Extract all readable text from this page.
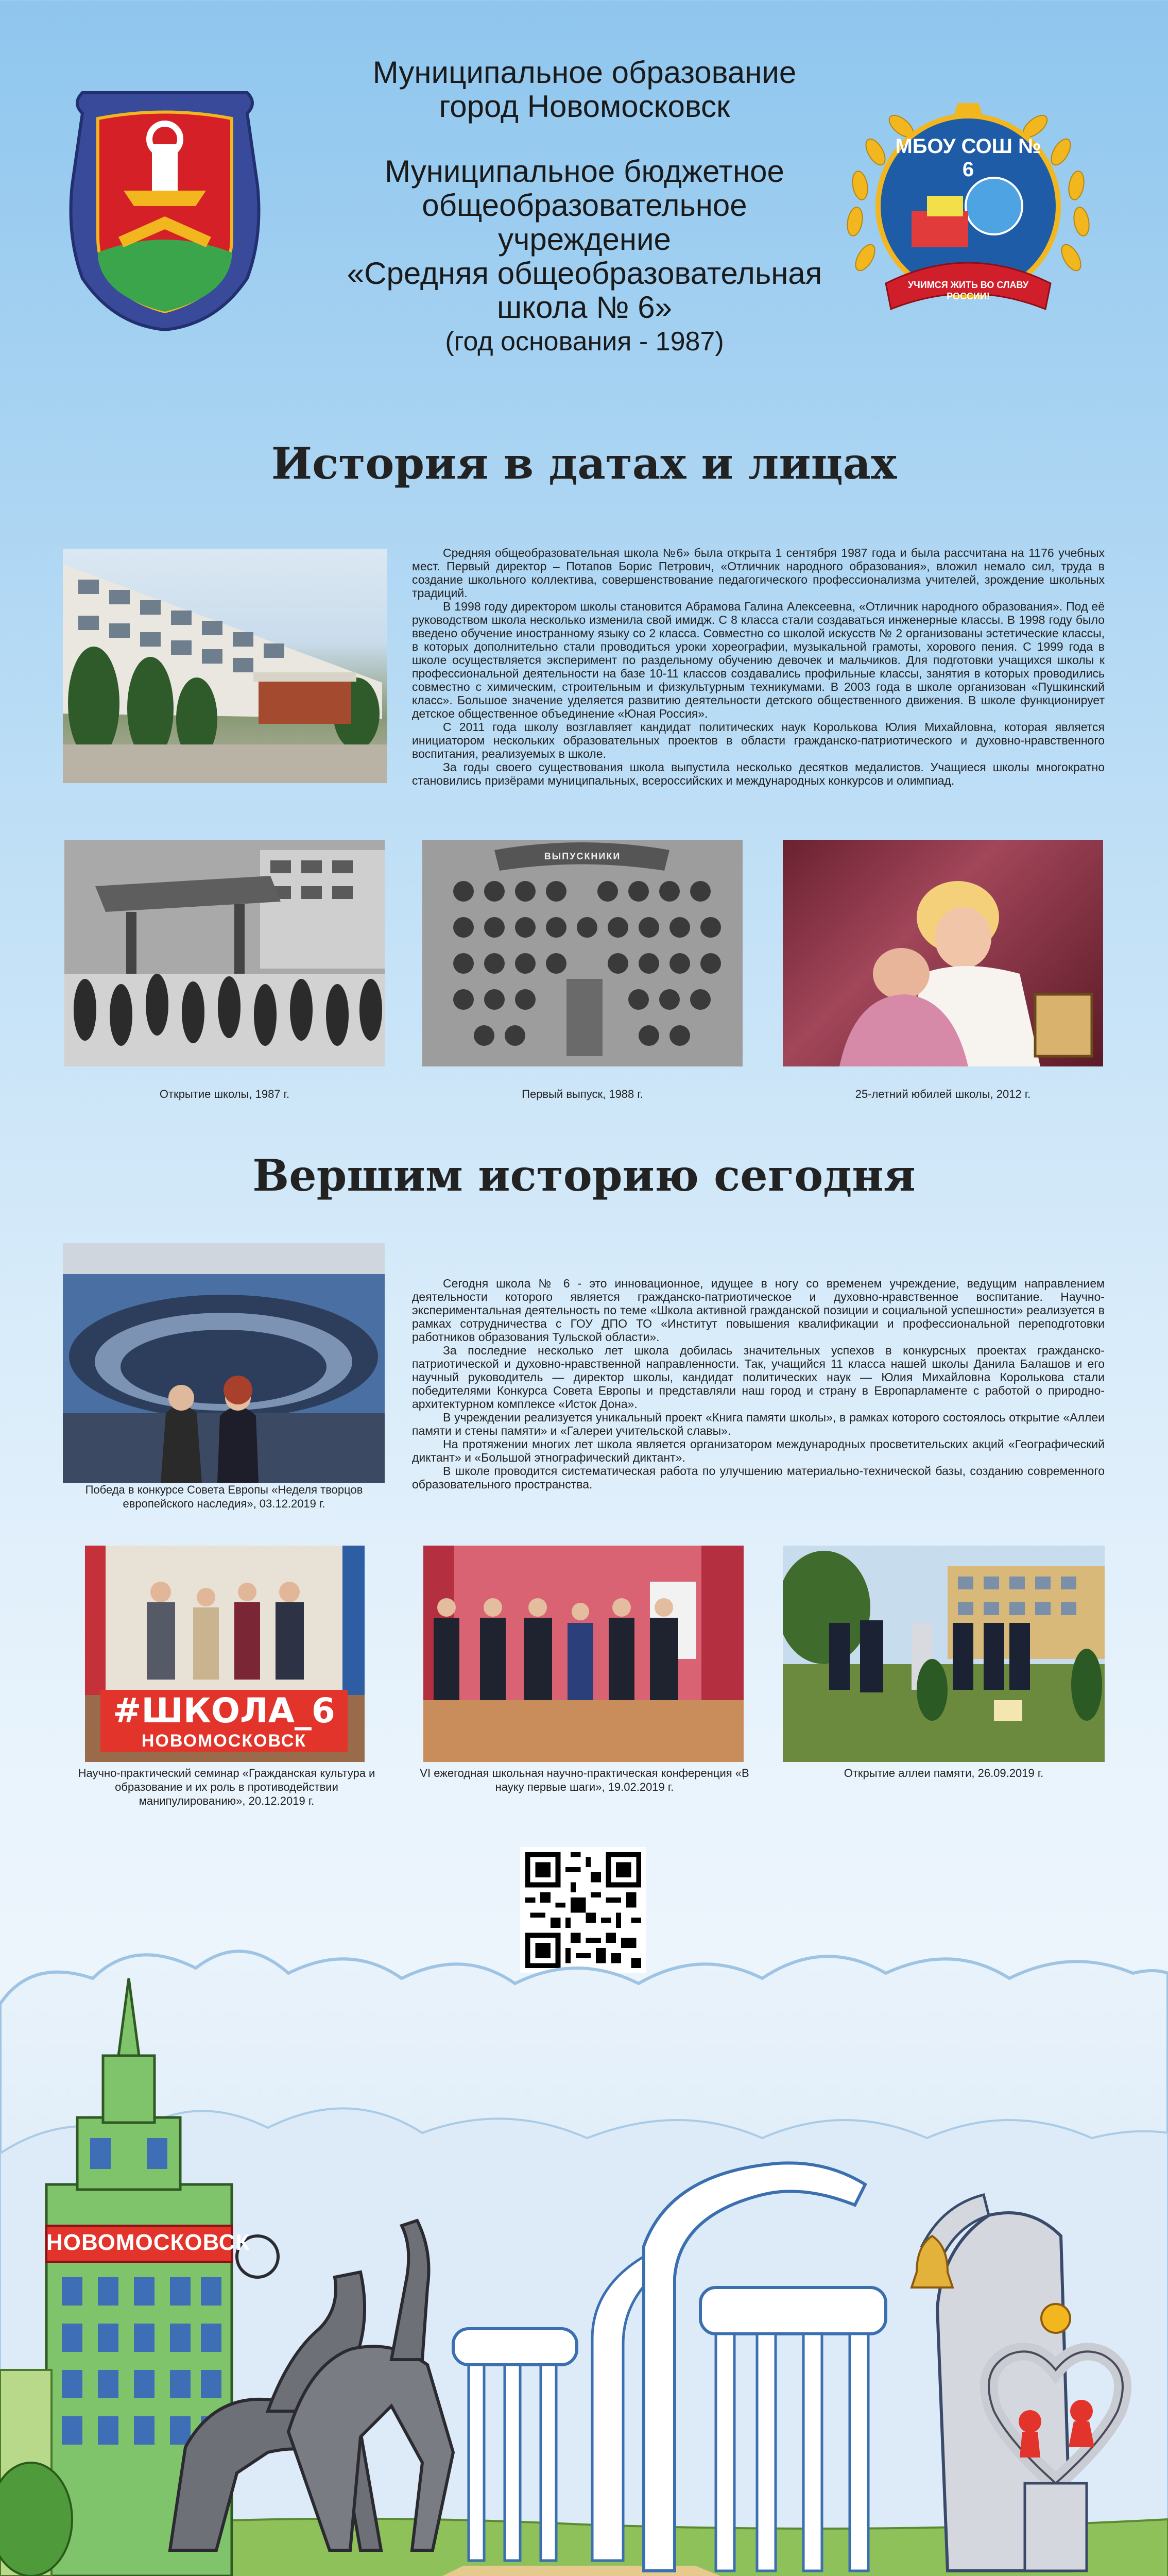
Муниципальное образование
город Новомосковск
Муниципальное бюджетное
общеобразовательное
учреждение
«Средняя общеобразовательная
школа № 6»
(год основания - 1987)
МБОУ СОШ № 6
УЧИМСЯ ЖИТЬ ВО СЛАВУ РОССИИ!
История в датах и лицах

Средняя общеобразовательная школа №6» была открыта 1 сентября 1987 года и была рассчитана на 1176 учебных мест. Первый директор – Потапов Борис Петрович, «Отличник народного образования», вложил немало сил, труда в создание школьного коллектива, совершенствование педагогического профессионализма учителей, зрождение школьных традиций.

В 1998 году директором школы становится Абрамова Галина Алексеевна, «Отличник народного образования». Под её руководством школа несколько изменила свой имидж. С 8 класса стали создаваться инженерные классы. В 1998 году было введено обучение иностранному языку со 2 класса. Совместно со школой искусств № 2 организованы эстетические классы, в которых дополнительно стали проводиться уроки хореографии, музыкальной грамоты, хорового пения. С 1999 года в школе осуществляется эксперимент по раздельному обучению девочек и мальчиков. Для подготовки учащихся школы к профессиональной деятельности на базе 10-11 классов создавались профильные классы, занятия в которых проводились совместно с химическим, строительным и физкультурным техникумами. В 2003 года в школе организован «Пушкинский класс». Большое значение уделяется развитию деятельности детского общественного движения. В школе функционирует детское общественное объединение «Юная Россия».

С 2011 года школу возглавляет кандидат политических наук Королькова Юлия Михайловна, которая является инициатором нескольких образовательных проектов в области гражданско-патриотического и духовно-нравственного воспитания, реализуемых в школе.

За годы своего существования школа выпустила несколько десятков медалистов. Учащиеся школы многократно становились призёрами муниципальных, всероссийских и международных конкурсов и олимпиад.

Открытие школы, 1987 г.
ВЫПУСКНИКИ
Первый выпуск, 1988 г.	25-летний юбилей школы, 2012 г.
Вершим историю сегодня
Победа в конкурсе Совета Европы «Неделя творцов европейского наследия», 03.12.2019 г.

Сегодня школа № 6 - это инновационное, идущее в ногу со временем учреждение, ведущим направлением деятельности которого является гражданско-патриотическое и духовно-нравственное воспитание. Научно-экспериментальная деятельность по теме «Школа активной гражданской позиции и социальной успешности» реализуется в рамках сотрудничества с ГОУ ДПО ТО «Институт повышения квалификации и профессиональной переподготовки работников образования Тульской области».

За последние несколько лет школа добилась значительных успехов в конкурсных проектах гражданско-патриотической и духовно-нравственной направленности. Так, учащийся 11 класса нашей школы Данила Балашов и его научный руководитель — директор школы, кандидат политических наук — Юлия Михайловна Королькова стали победителями Конкурса Совета Европы и представляли наш город и страну в Европарламенте с работой о природно-архитектурном комплексе «Исток Дона».

В учреждении реализуется уникальный проект «Книга памяти школы», в рамках которого состоялось открытие «Аллеи памяти и стены памяти» и «Галереи учительской славы».

На протяжении многих лет школа является организатором международных просветительских акций «Географический диктант» и «Большой этнографический диктант».

В школе проводится систематическая работа по улучшению материально-технической базы, созданию современного образовательного пространства.

#ШКОЛА_6
НОВОМОСКОВСК
Научно-практический семинар «Гражданская культура и образование и их роль в противодействии манипулированию», 20.12.2019 г.
VI ежегодная школьная научно-практическая конференция «В науку первые шаги», 19.02.2019 г.
Открытие аллеи памяти, 26.09.2019 г.
НОВОМОСКОВСК
